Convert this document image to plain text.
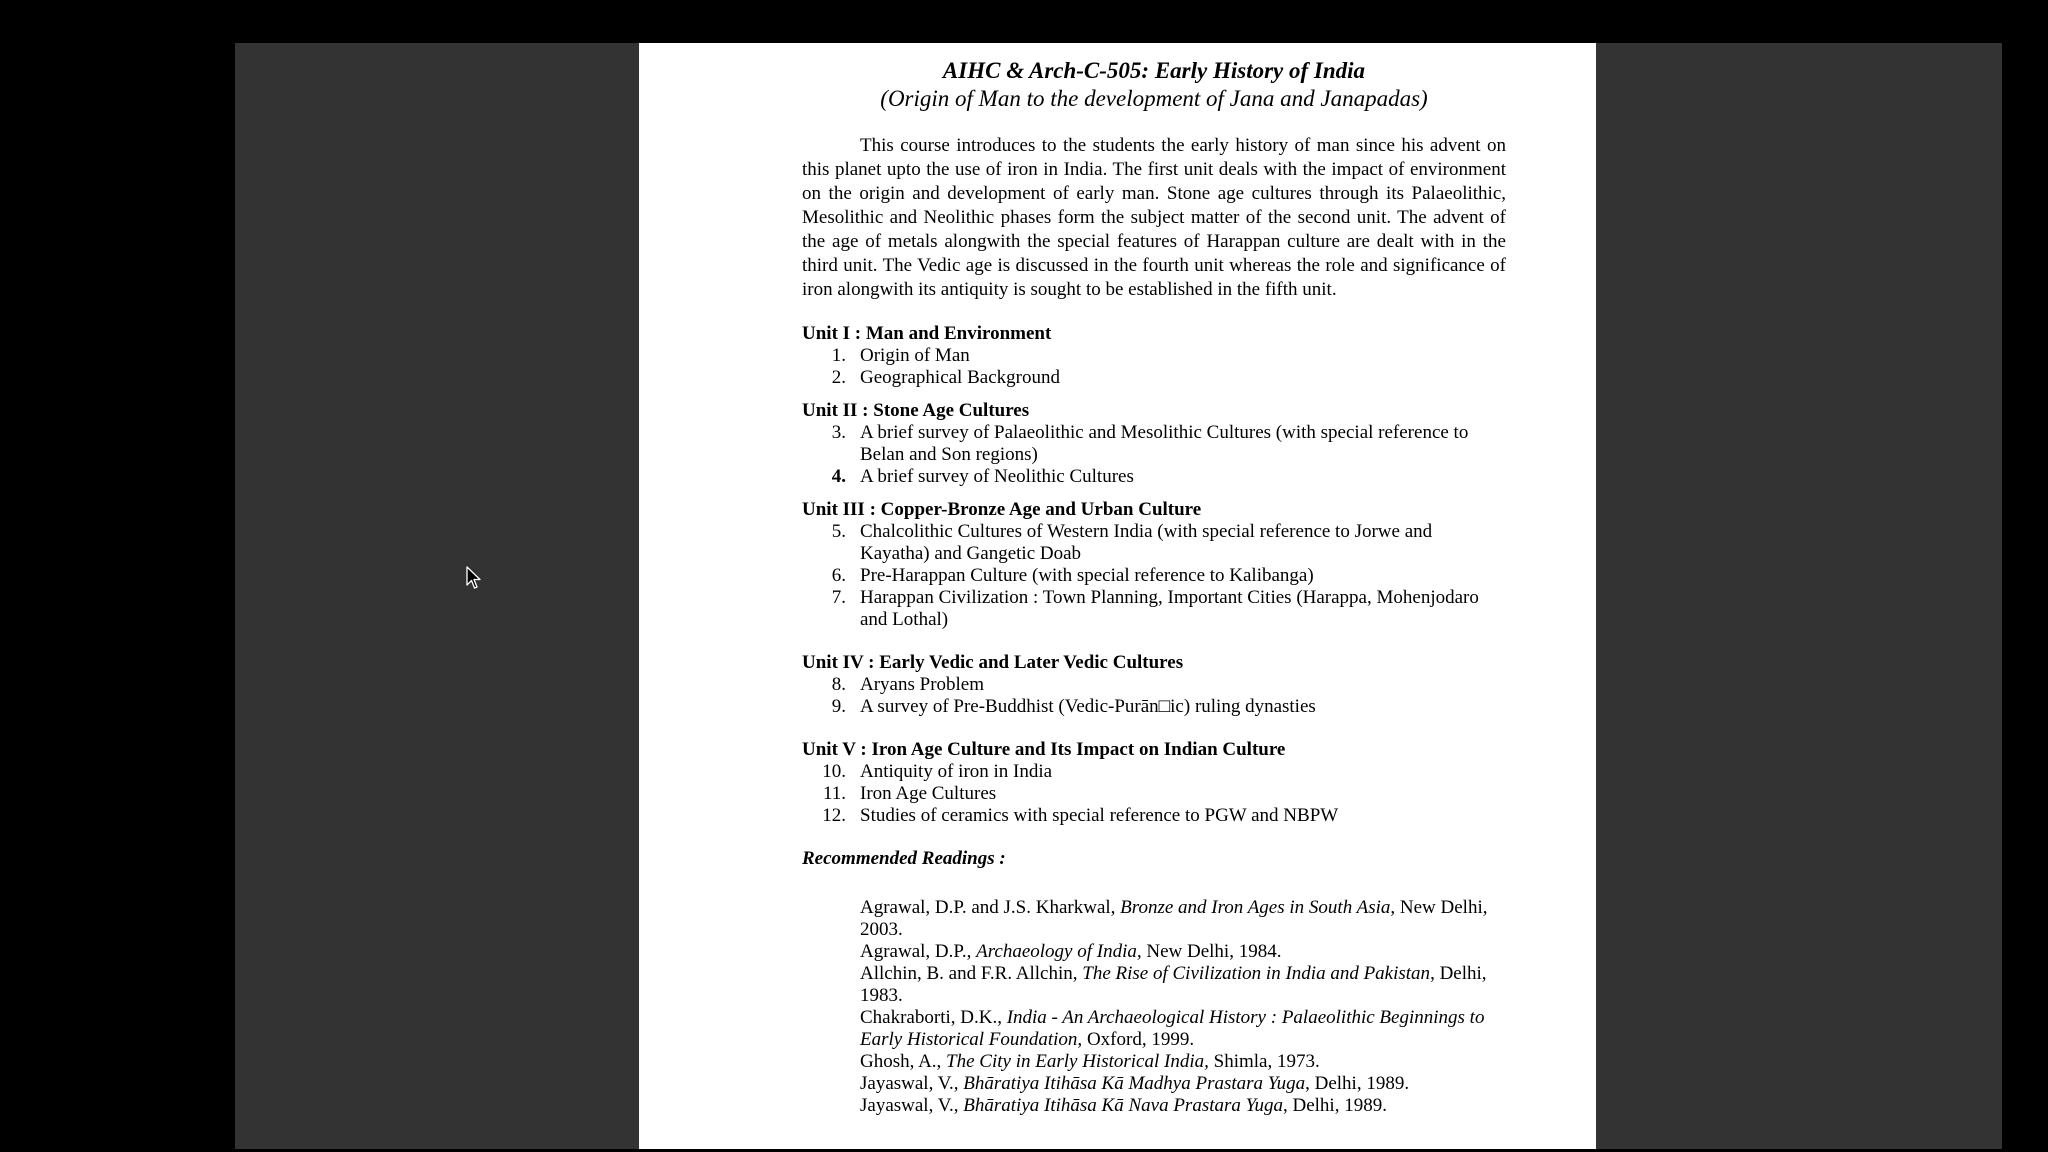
AIHC & Arch-C-505: Early History of India

(Origin of Man to the development of Jana and Janapadas)

This course introduces to the students the early history of man since his advent on this planet upto the use of iron in India. The first unit deals with the impact of environment on the origin and development of early man. Stone age cultures through its Palaeolithic, Mesolithic and Neolithic phases form the subject matter of the second unit. The advent of the age of metals alongwith the special features of Harappan culture are dealt with in the third unit. The Vedic age is discussed in the fourth unit whereas the role and significance of iron alongwith its antiquity is sought to be established in the fifth unit.

Unit I : Man and Environment
1. Origin of Man
2. Geographical Background
Unit II : Stone Age Cultures
3. A brief survey of Palaeolithic and Mesolithic Cultures (with special reference to Belan and Son regions)
4. A brief survey of Neolithic Cultures
Unit III : Copper-Bronze Age and Urban Culture
5. Chalcolithic Cultures of Western India (with special reference to Jorwe and Kayatha) and Gangetic Doab
6. Pre-Harappan Culture (with special reference to Kalibanga)
7. Harappan Civilization : Town Planning, Important Cities (Harappa, Mohenjodaro and Lothal)
Unit IV : Early Vedic and Later Vedic Cultures
8. Aryans Problem
9. A survey of Pre-Buddhist (Vedic-Purān□ic) ruling dynasties
Unit V : Iron Age Culture and Its Impact on Indian Culture
10. Antiquity of iron in India
11. Iron Age Cultures
12. Studies of ceramics with special reference to PGW and NBPW
Recommended Readings :
Agrawal, D.P. and J.S. Kharkwal, Bronze and Iron Ages in South Asia, New Delhi, 2003.
Agrawal, D.P., Archaeology of India, New Delhi, 1984.
Allchin, B. and F.R. Allchin, The Rise of Civilization in India and Pakistan, Delhi, 1983.
Chakraborti, D.K., India - An Archaeological History : Palaeolithic Beginnings to Early Historical Foundation, Oxford, 1999.
Ghosh, A., The City in Early Historical India, Shimla, 1973.
Jayaswal, V., Bhāratiya Itihāsa Kā Madhya Prastara Yuga, Delhi, 1989.
Jayaswal, V., Bhāratiya Itihāsa Kā Nava Prastara Yuga, Delhi, 1989.
